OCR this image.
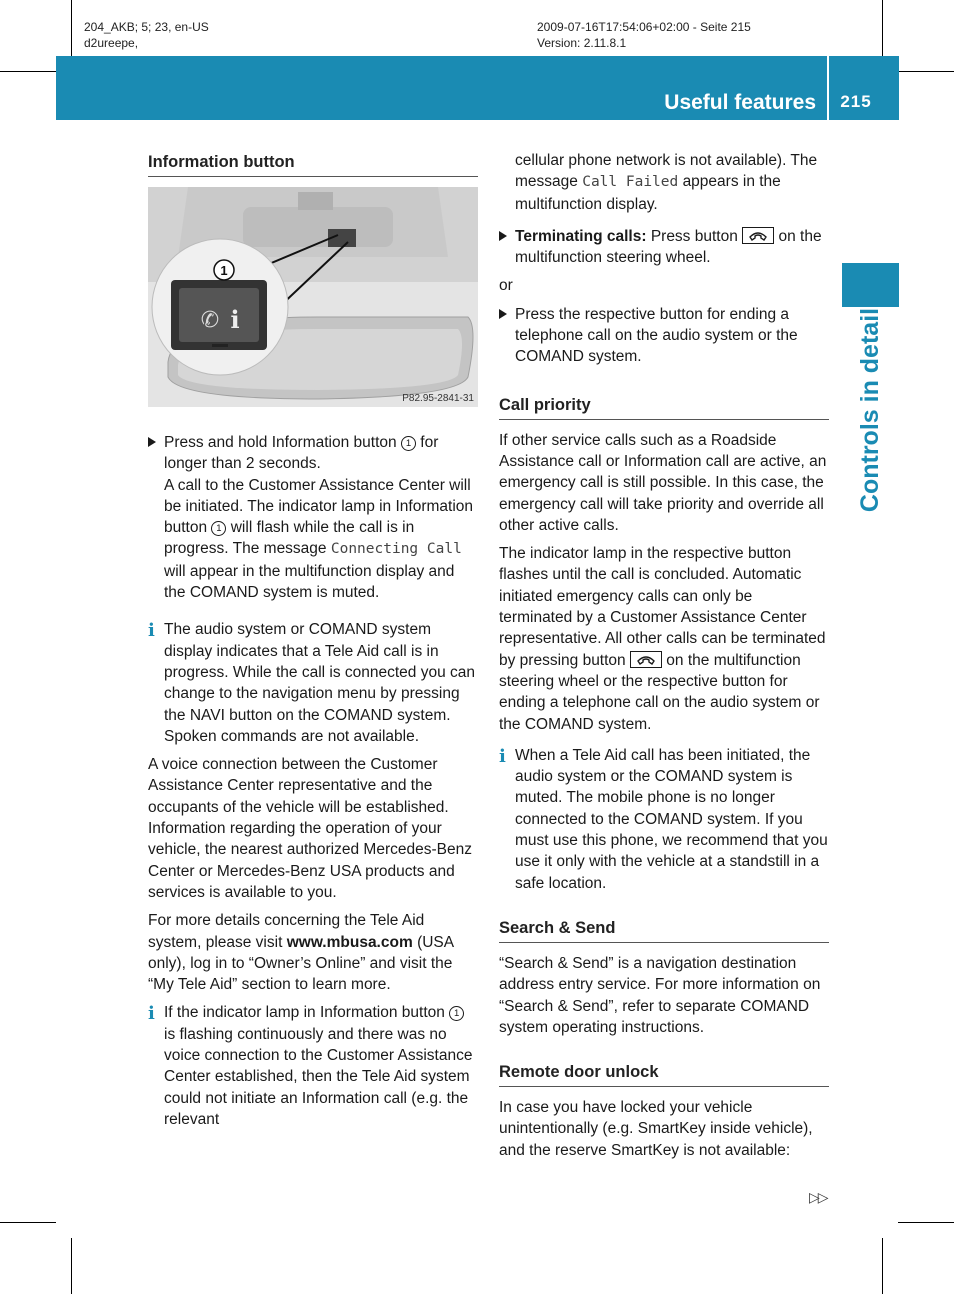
204_AKB; 5; 23, en-US
d2ureepe,
2009-07-16T17:54:06+02:00 - Seite 215
Version: 2.11.8.1
Useful features	215
Controls in detail
Information button
✆ i
1
P82.95-2841-31
Press and hold Information button 1 for longer than 2 seconds.
A call to the Customer Assistance Center will be initiated. The indicator lamp in Information button 1 will flash while the call is in progress. The message Connecting Call will appear in the multifunction display and the COMAND system is muted.
i The audio system or COMAND system display indicates that a Tele Aid call is in progress. While the call is connected you can change to the navigation menu by pressing the NAVI button on the COMAND system. Spoken commands are not available.

A voice connection between the Customer Assistance Center representative and the occupants of the vehicle will be established. Information regarding the operation of your vehicle, the nearest authorized Mercedes-Benz Center or Mercedes-Benz USA products and services is available to you.

For more details concerning the Tele Aid system, please visit www.mbusa.com (USA only), log in to “Owner’s Online” and visit the “My Tele Aid” section to learn more.

i If the indicator lamp in Information button 1 is flashing continuously and there was no voice connection to the Customer Assistance Center established, then the Tele Aid system could not initiate an Information call (e.g. the relevant
cellular phone network is not available). The message Call Failed appears in the multifunction display.
Terminating calls: Press button	on the multifunction steering wheel.

or

Press the respective button for ending a telephone call on the audio system or the COMAND system.
Call priority

If other service calls such as a Roadside Assistance call or Information call are active, an emergency call is still possible. In this case, the emergency call will take priority and override all other active calls.

The indicator lamp in the respective button flashes until the call is concluded. Automatic initiated emergency calls can only be terminated by a Customer Assistance Center representative. All other calls can be terminated by pressing button	on the multifunction steering wheel or the respective button for ending a telephone call on the audio system or the COMAND system.

i When a Tele Aid call has been initiated, the audio system or the COMAND system is muted. The mobile phone is no longer connected to the COMAND system. If you must use this phone, we recommend that you use it only with the vehicle at a standstill in a safe location.
Search & Send

“Search & Send” is a navigation destination address entry service. For more information on “Search & Send”, refer to separate COMAND system operating instructions.

Remote door unlock

In case you have locked your vehicle unintentionally (e.g. SmartKey inside vehicle), and the reserve SmartKey is not available:

▷▷
